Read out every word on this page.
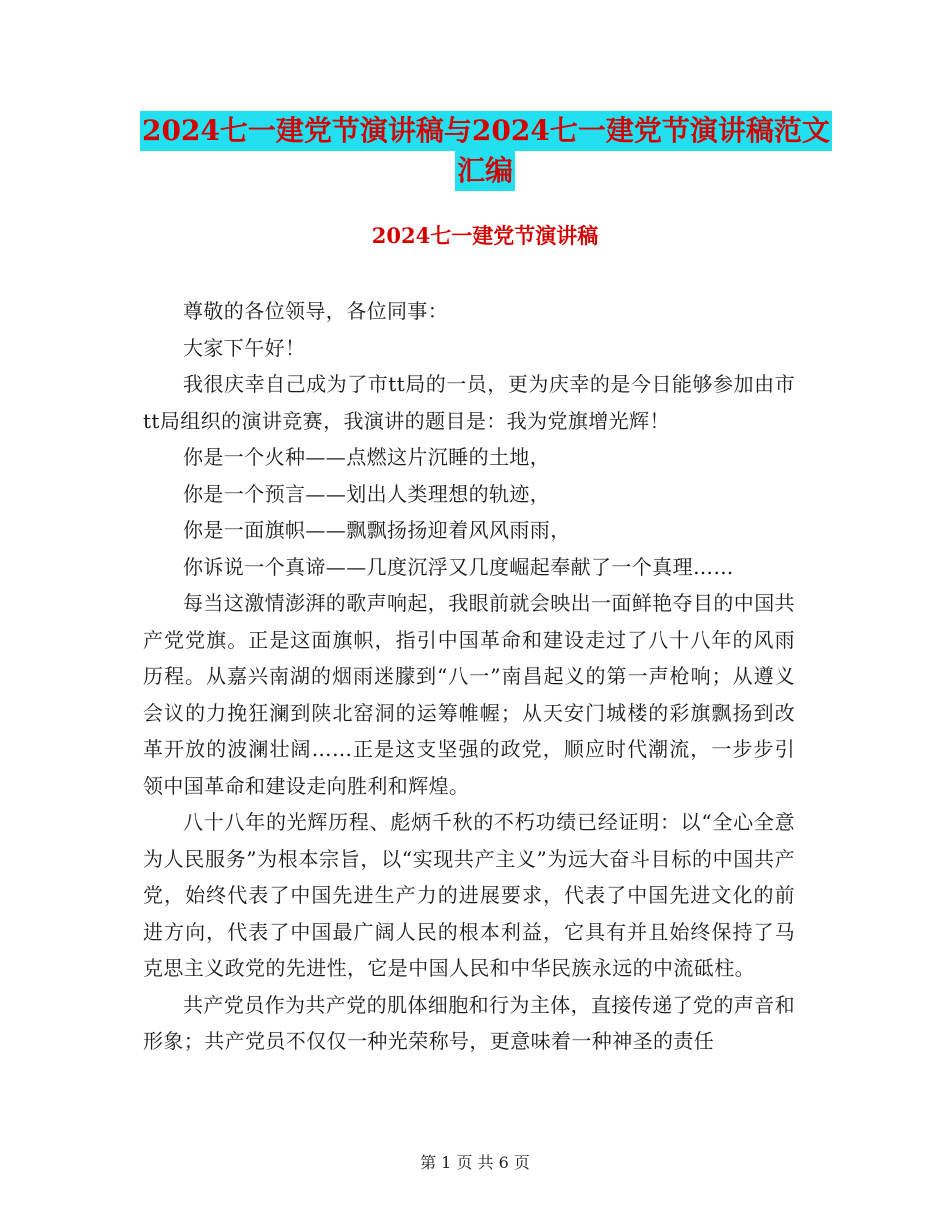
2024七一建党节演讲稿与2024七一建党节演讲稿范文
汇编
2024七一建党节演讲稿

尊敬的各位领导，各位同事：

大家下午好！

我很庆幸自己成为了市tt局的一员，更为庆幸的是今日能够参加由市tt局组织的演讲竞赛，我演讲的题目是：我为党旗增光辉！

你是一个火种——点燃这片沉睡的土地，

你是一个预言——划出人类理想的轨迹，

你是一面旗帜——飘飘扬扬迎着风风雨雨，

你诉说一个真谛——几度沉浮又几度崛起奉献了一个真理……

每当这激情澎湃的歌声响起，我眼前就会映出一面鲜艳夺目的中国共产党党旗。正是这面旗帜，指引中国革命和建设走过了八十八年的风雨历程。从嘉兴南湖的烟雨迷朦到“八一”南昌起义的第一声枪响；从遵义会议的力挽狂澜到陕北窑洞的运筹帷幄；从天安门城楼的彩旗飘扬到改革开放的波澜壮阔……正是这支坚强的政党，顺应时代潮流，一步步引领中国革命和建设走向胜利和辉煌。

八十八年的光辉历程、彪炳千秋的不朽功绩已经证明：以“全心全意为人民服务”为根本宗旨，以“实现共产主义”为远大奋斗目标的中国共产党，始终代表了中国先进生产力的进展要求，代表了中国先进文化的前进方向，代表了中国最广阔人民的根本利益，它具有并且始终保持了马克思主义政党的先进性，它是中国人民和中华民族永远的中流砥柱。

共产党员作为共产党的肌体细胞和行为主体，直接传递了党的声音和形象；共产党员不仅仅一种光荣称号，更意味着一种神圣的责任

第 1 页 共 6 页
